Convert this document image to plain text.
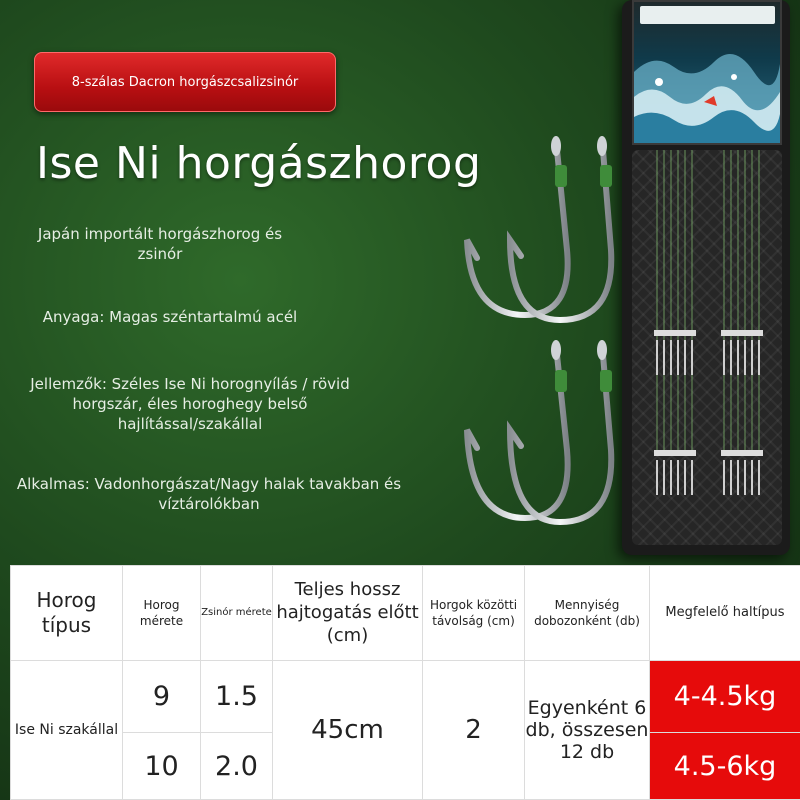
8-szálas Dacron horgászcsalizsinór
Ise Ni horgászhorog
Japán importált horgászhorog és zsinór
Anyaga: Magas széntartalmú acél
Jellemzők: Széles Ise Ni horognyílás / rövid horgszár, éles horoghegy belső hajlítással/szakállal
Alkalmas: Vadonhorgászat/Nagy halak tavakban és víztárolókban
Horog típus	Horog mérete	Zsinór mérete	Teljes hossz hajtogatás előtt (cm)	Horgok közötti távolság (cm)	Mennyiség dobozonként (db)	Megfelelő haltípus
Ise Ni szakállal	9	1.5	45cm	2	Egyenként 6 db, összesen 12 db	4-4.5kg
	10	2.0				4.5-6kg
